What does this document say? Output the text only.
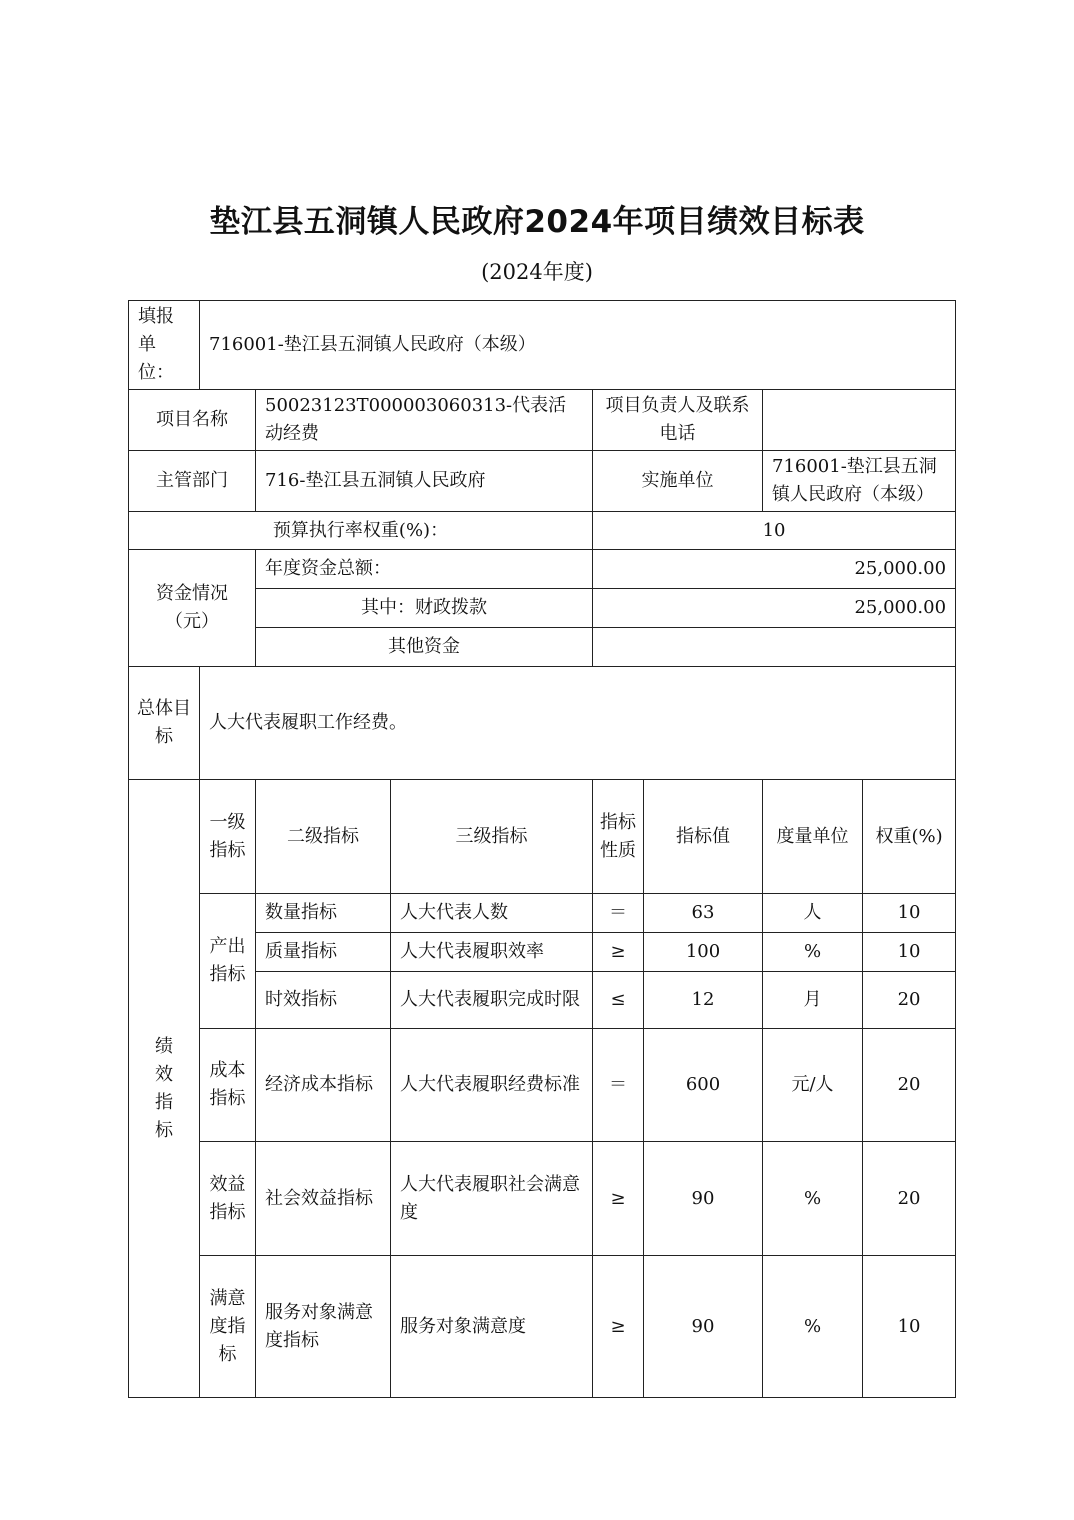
垫江县五洞镇人民政府2024年项目绩效目标表
(2024年度)
填报单位：	716001-垫江县五洞镇人民政府（本级）						
项目名称		50023123T000003060313-代表活动经费		项目负责人及联系电话			
主管部门		716-垫江县五洞镇人民政府		实施单位		716001-垫江县五洞镇人民政府（本级）	
预算执行率权重(%)：				10			
资金情况（元）		年度资金总额：		25,000.00			
		其中：财政拨款		25,000.00			
		其他资金					
总体目标	人大代表履职工作经费。						
绩效指标	一级指标	二级指标	三级指标	指标性质	指标值	度量单位	权重(%)
	产出指标	数量指标	人大代表人数	＝	63	人	10
		质量指标	人大代表履职效率	≥	100	%	10
		时效指标	人大代表履职完成时限	≤	12	月	20
	成本指标	经济成本指标	人大代表履职经费标准	＝	600	元/人	20
	效益指标	社会效益指标	人大代表履职社会满意度	≥	90	%	20
	满意度指标	服务对象满意度指标	服务对象满意度	≥	90	%	10
